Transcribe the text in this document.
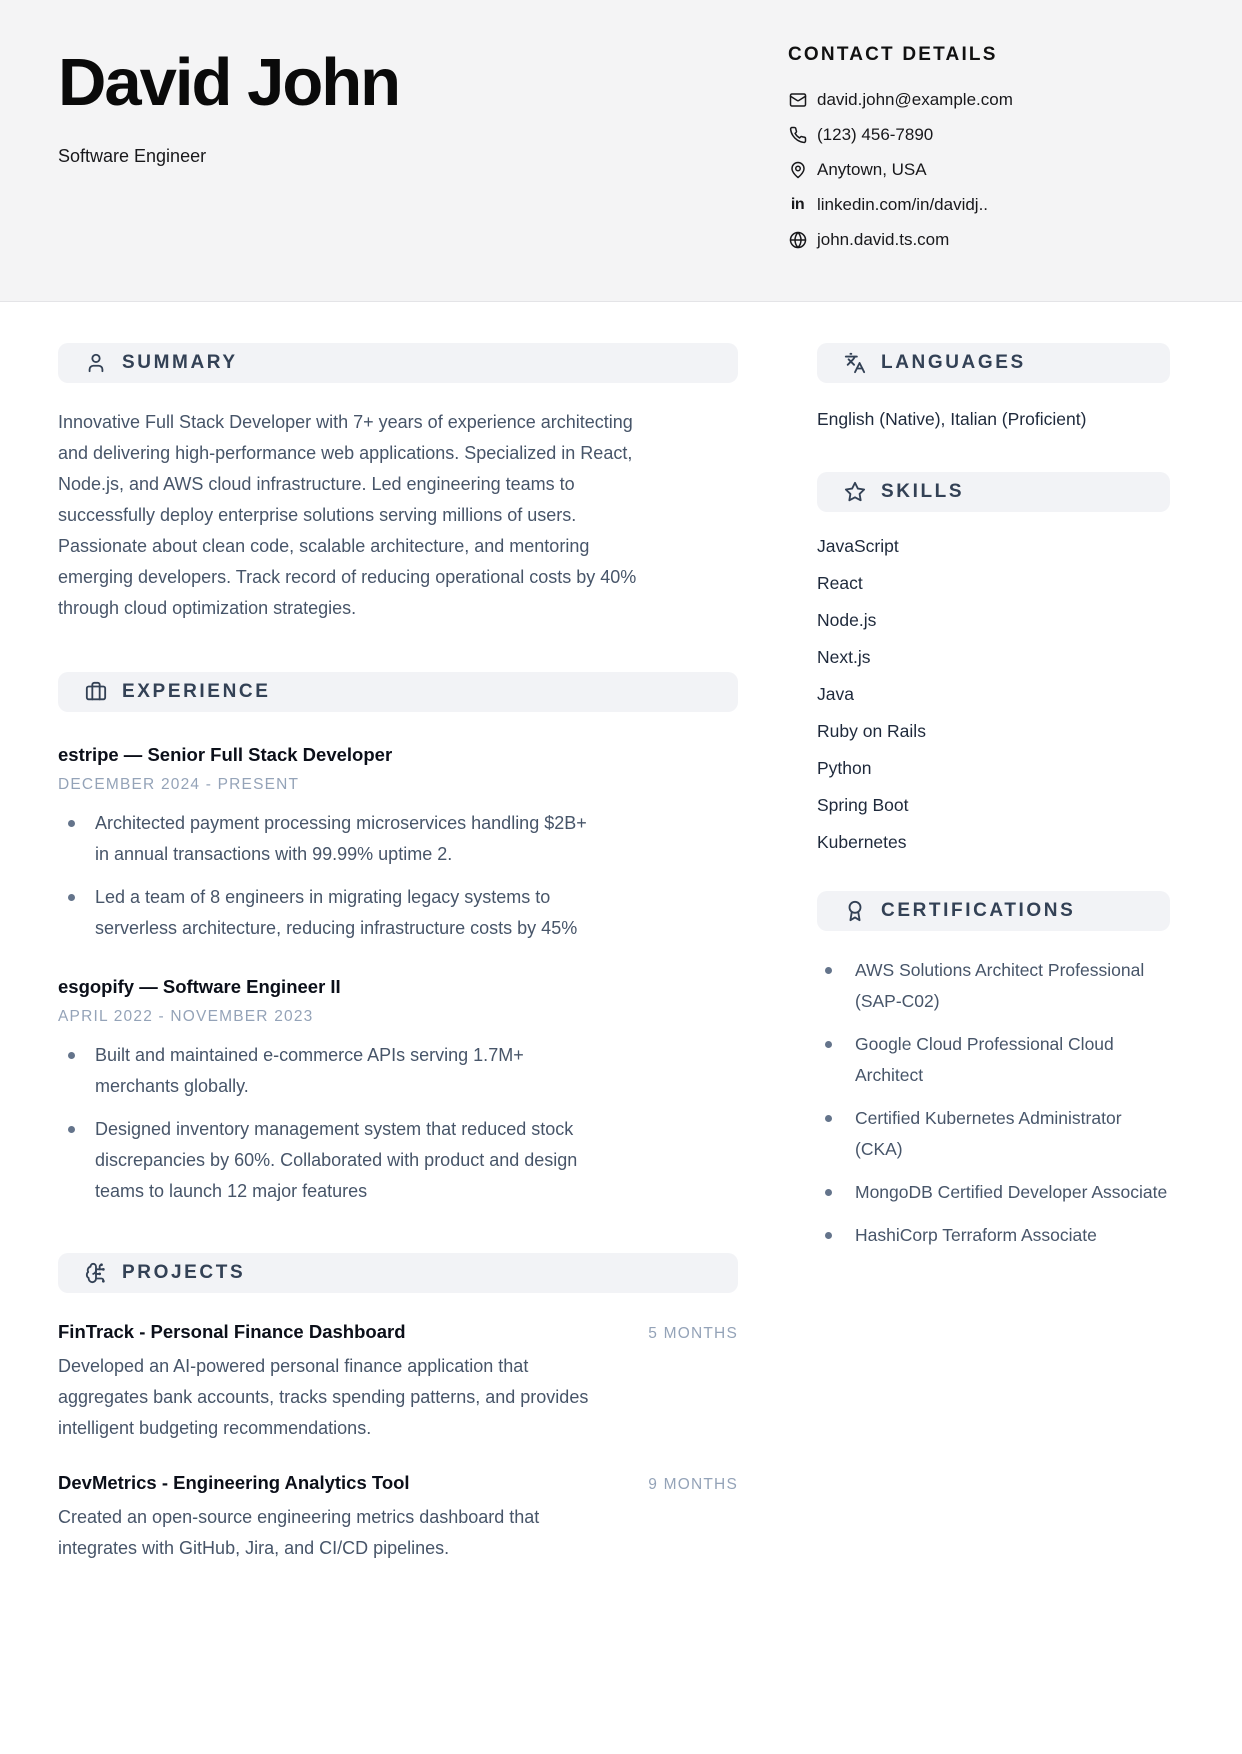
David John
Software Engineer
CONTACT DETAILS
david.john@example.com
(123) 456-7890
Anytown, USA
in linkedin.com/in/davidj..
john.david.ts.com
SUMMARY

Innovative Full Stack Developer with 7+ years of experience architecting and delivering high-performance web applications. Specialized in React, Node.js, and AWS cloud infrastructure. Led engineering teams to successfully deploy enterprise solutions serving millions of users. Passionate about clean code, scalable architecture, and mentoring emerging developers. Track record of reducing operational costs by 40% through cloud optimization strategies.

EXPERIENCE
estripe — Senior Full Stack Developer
DECEMBER 2024 - PRESENT
Architected payment processing microservices handling $2B+ in annual transactions with 99.99% uptime 2.
Led a team of 8 engineers in migrating legacy systems to serverless architecture, reducing infrastructure costs by 45%
esgopify — Software Engineer II
APRIL 2022 - NOVEMBER 2023
Built and maintained e-commerce APIs serving 1.7M+ merchants globally.
Designed inventory management system that reduced stock discrepancies by 60%. Collaborated with product and design teams to launch 12 major features
PROJECTS
FinTrack - Personal Finance Dashboard	5 MONTHS

Developed an AI-powered personal finance application that aggregates bank accounts, tracks spending patterns, and provides intelligent budgeting recommendations.

DevMetrics - Engineering Analytics Tool	9 MONTHS

Created an open-source engineering metrics dashboard that integrates with GitHub, Jira, and CI/CD pipelines.

LANGUAGES
English (Native), Italian (Proficient)
SKILLS
JavaScript
React
Node.js
Next.js
Java
Ruby on Rails
Python
Spring Boot
Kubernetes
CERTIFICATIONS
AWS Solutions Architect Professional (SAP-C02)
Google Cloud Professional Cloud Architect
Certified Kubernetes Administrator (CKA)
MongoDB Certified Developer Associate
HashiCorp Terraform Associate
